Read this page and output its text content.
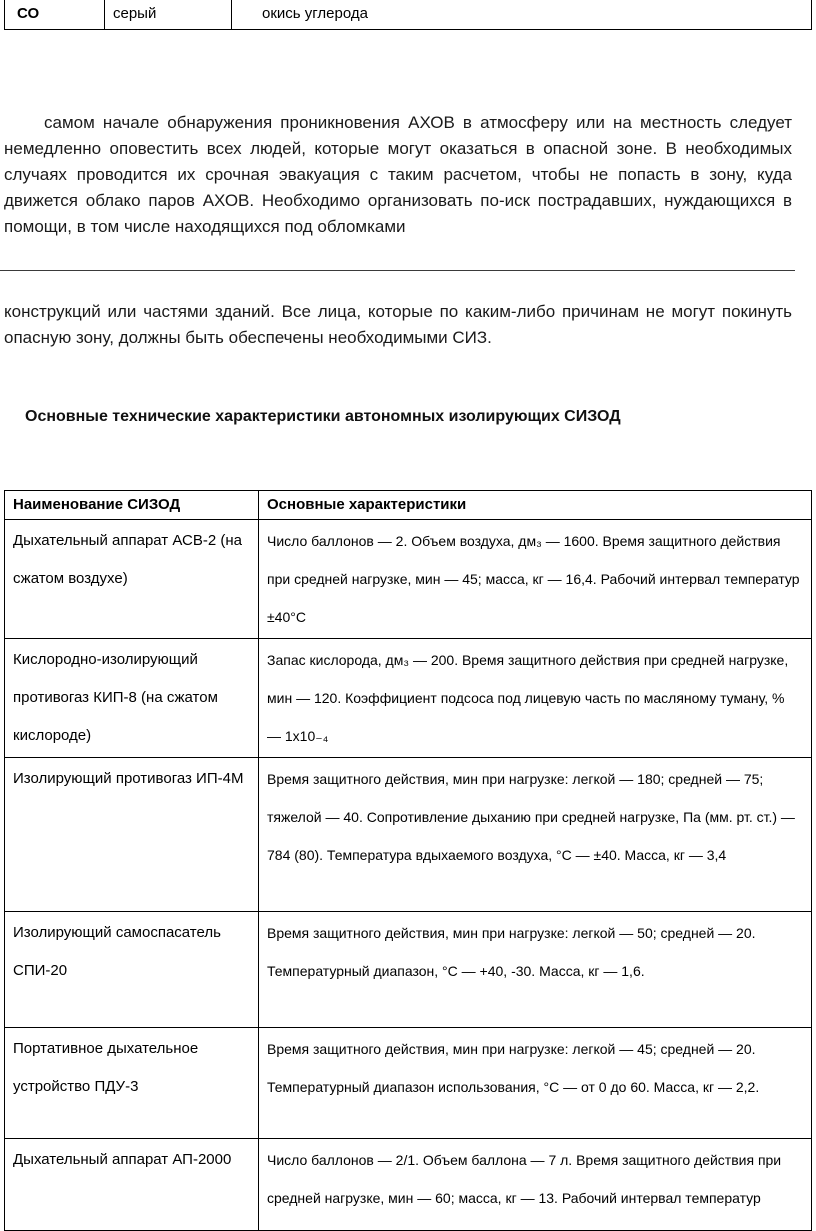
СО	серый	окись углерода

самом начале обнаружения проникновения АХОВ в атмосферу или на местность следует немедленно оповестить всех людей, которые могут оказаться в опасной зоне. В необходимых случаях проводится их срочная эвакуация с таким расчетом, чтобы не попасть в зону, куда движется облако паров АХОВ. Необходимо организовать по-иск пострадавших, нуждающихся в помощи, в том числе находящихся под обломками

конструкций или частями зданий. Все лица, которые по каким-либо причинам не могут покинуть опасную зону, должны быть обеспечены необходимыми СИЗ.

Основные технические характеристики автономных изолирующих СИЗОД

Наименование СИЗОД	Основные характеристики
Дыхательный аппарат АСВ-2 (на сжатом воздухе)	Число баллонов — 2. Объем воздуха, дм₃ — 1600. Время защитного действия при средней нагрузке, мин — 45; масса, кг — 16,4. Рабочий интервал температур ±40°С
Кислородно-изолирующий противогаз КИП-8 (на сжатом кислороде)	Запас кислорода, дм₃ — 200. Время защитного действия при средней нагрузке, мин — 120. Коэффициент подсоса под лицевую часть по масляному туману, % — 1х10₋₄
Изолирующий противогаз ИП-4М	Время защитного действия, мин при нагрузке: легкой — 180; средней — 75; тяжелой — 40. Сопротивление дыханию при средней нагрузке, Па (мм. рт. ст.) — 784 (80). Температура вдыхаемого воздуха, °С — ±40. Масса, кг — 3,4
Изолирующий самоспасатель СПИ-20	Время защитного действия, мин при нагрузке: легкой — 50; средней — 20. Температурный диапазон, °С — +40, -30. Масса, кг — 1,6.
Портативное дыхательное устройство ПДУ-3	Время защитного действия, мин при нагрузке: легкой — 45; средней — 20. Температурный диапазон использования, °С — от 0 до 60. Масса, кг — 2,2.
Дыхательный аппарат АП-2000	Число баллонов — 2/1. Объем баллона — 7 л. Время защитного действия при средней нагрузке, мин — 60; масса, кг — 13. Рабочий интервал температур
